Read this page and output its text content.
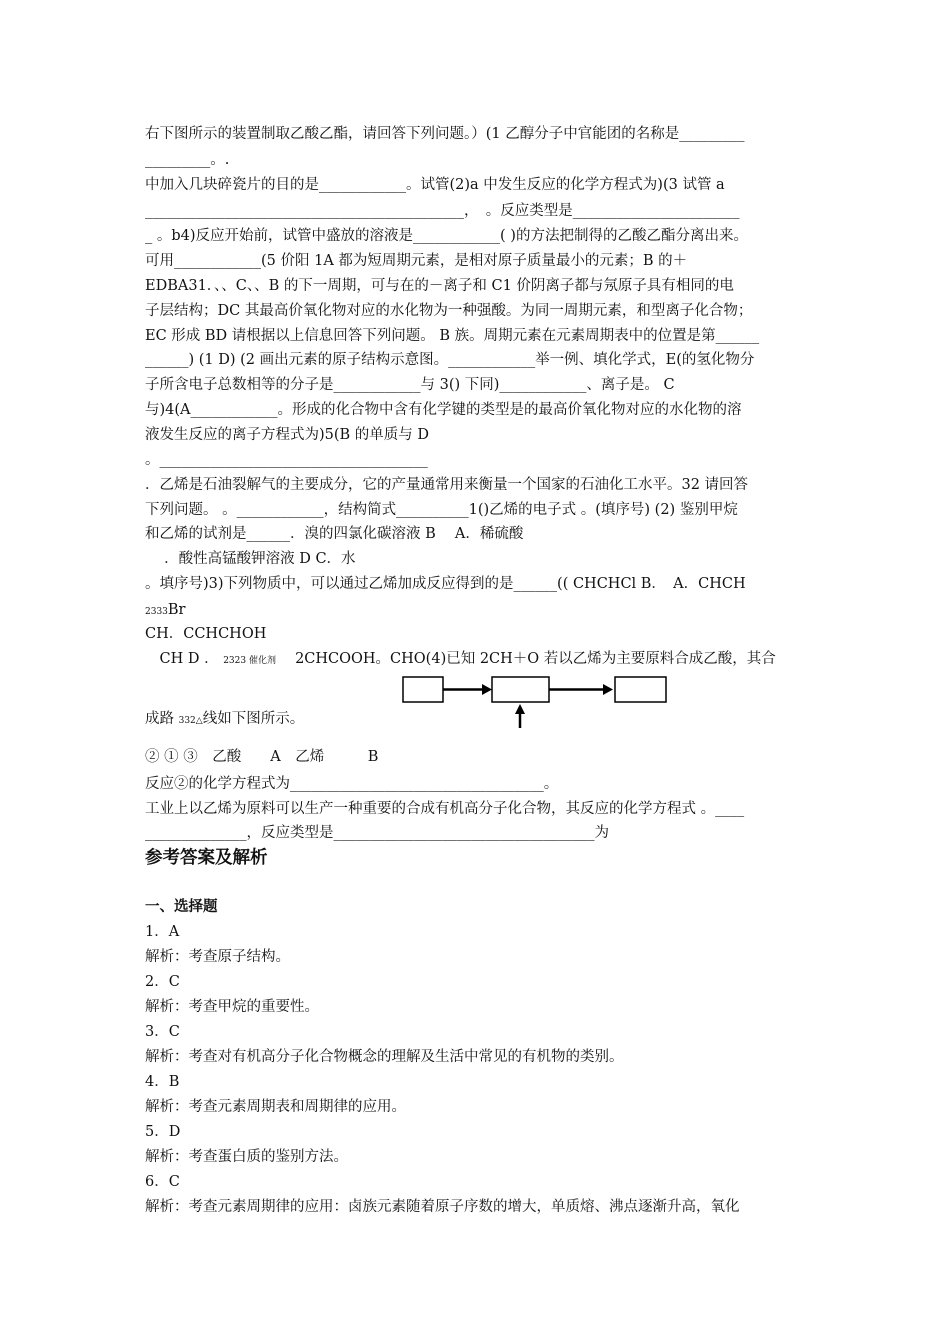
右下图所示的装置制取乙酸乙酯，请回答下列问题。）(1 乙醇分子中官能团的名称是_________
_________。.
中加入几块碎瓷片的目的是____________。试管(2)a 中发生反应的化学方程式为)(3 试管 a
____________________________________________，　。反应类型是_______________________
_ 。b4)反应开始前，试管中盛放的溶液是____________( )的方法把制得的乙酸乙酯分离出来。
可用____________(5 价阳 1A 都为短周期元素，是相对原子质量最小的元素；B 的＋
EDBA31．、、C、、B 的下一周期，可与在的－离子和 C1 价阴离子都与氖原子具有相同的电
子层结构；DC 其最高价氧化物对应的水化物为一种强酸。为同一周期元素，和型离子化合物；
EC 形成 BD 请根据以上信息回答下列问题。 B 族。周期元素在元素周期表中的位置是第______
______) (1 D) (2 画出元素的原子结构示意图。____________举一例、填化学式，E(的氢化物分
子所含电子总数相等的分子是____________与 3() 下同)____________、离子是。 C
与)4(A____________。形成的化合物中含有化学键的类型是的最高价氧化物对应的水化物的溶
液发生反应的离子方程式为)5(B 的单质与 D
。_____________________________________
．乙烯是石油裂解气的主要成分，它的产量通常用来衡量一个国家的石油化工水平。32 请回答
下列问题。 。____________，结构简式__________1()乙烯的电子式 。(填序号) (2) 鉴别甲烷
和乙烯的试剂是______．溴的四氯化碳溶液 B　 A．稀硫酸
　 ．酸性高锰酸钾溶液 D C．水
。填序号)3)下列物质中，可以通过乙烯加成反应得到的是______(( CHCHCl B．　A．CHCH
2333Br
CH．CCHCHOH
　CH D ． 2323 催化剂　 2CHCOOH。CHO(4)已知 2CH＋O 若以乙烯为主要原料合成乙酸，其合
成路 332△线如下图所示。
② ① ③　乙酸　　A　乙烯　　　B
反应②的化学方程式为___________________________________。
工业上以乙烯为原料可以生产一种重要的合成有机高分子化合物，其反应的化学方程式 。____
______________，反应类型是____________________________________为
参考答案及解析
一、选择题
1．A
解析：考查原子结构。
2．C
解析：考查甲烷的重要性。
3．C
解析：考查对有机高分子化合物概念的理解及生活中常见的有机物的类别。
4．B
解析：考查元素周期表和周期律的应用。
5．D
解析：考查蛋白质的鉴别方法。
6．C
解析：考查元素周期律的应用：卤族元素随着原子序数的增大，单质熔、沸点逐渐升高，氧化
